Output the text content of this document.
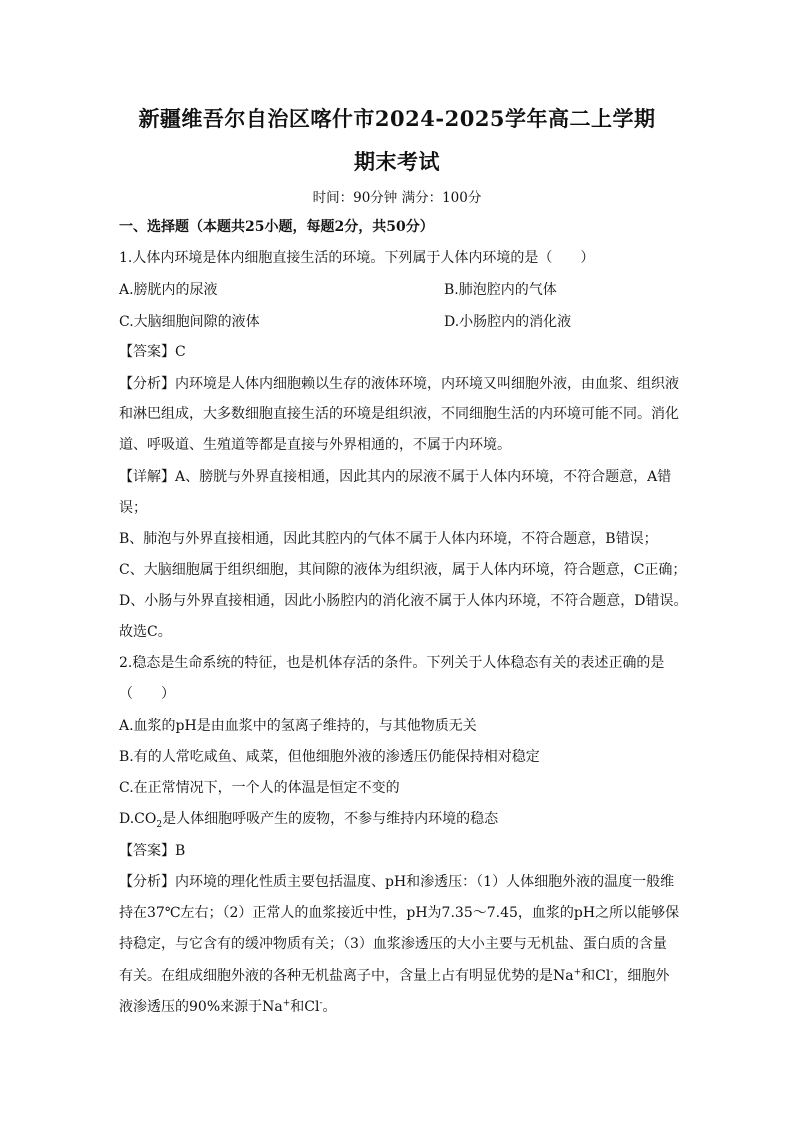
新疆维吾尔自治区喀什市2024-2025学年高二上学期
期末考试
时间：90分钟 满分：100分
一、选择题（本题共25小题，每题2分，共50分）
1.人体内环境是体内细胞直接生活的环境。下列属于人体内环境的是（　　）
A.膀胱内的尿液	B.肺泡腔内的气体
C.大脑细胞间隙的液体	D.小肠腔内的消化液
【答案】C
【分析】内环境是人体内细胞赖以生存的液体环境，内环境又叫细胞外液，由血浆、组织液
和淋巴组成，大多数细胞直接生活的环境是组织液，不同细胞生活的内环境可能不同。消化
道、呼吸道、生殖道等都是直接与外界相通的，不属于内环境。
【详解】A、膀胱与外界直接相通，因此其内的尿液不属于人体内环境，不符合题意，A错
误；
B、肺泡与外界直接相通，因此其腔内的气体不属于人体内环境，不符合题意，B错误；
C、大脑细胞属于组织细胞，其间隙的液体为组织液，属于人体内环境，符合题意，C正确；
D、小肠与外界直接相通，因此小肠腔内的消化液不属于人体内环境，不符合题意，D错误。
故选C。
2.稳态是生命系统的特征，也是机体存活的条件。下列关于人体稳态有关的表述正确的是
（　　）
A.血浆的pH是由血浆中的氢离子维持的，与其他物质无关
B.有的人常吃咸鱼、咸菜，但他细胞外液的渗透压仍能保持相对稳定
C.在正常情况下，一个人的体温是恒定不变的
$D.CO_2$是人体细胞呼吸产生的废物，不参与维持内环境的稳态
【答案】B
【分析】内环境的理化性质主要包括温度、pH和渗透压：（1）人体细胞外液的温度一般维
持在37℃左右；（2）正常人的血浆接近中性，pH为7.35～7.45，血浆的pH之所以能够保
持稳定，与它含有的缓冲物质有关；（3）血浆渗透压的大小主要与无机盐、蛋白质的含量
有关。在组成细胞外液的各种无机盐离子中，含量上占有明显优势的是Na+和Cl-，细胞外
液渗透压的90%来源于Na+和Cl-。
